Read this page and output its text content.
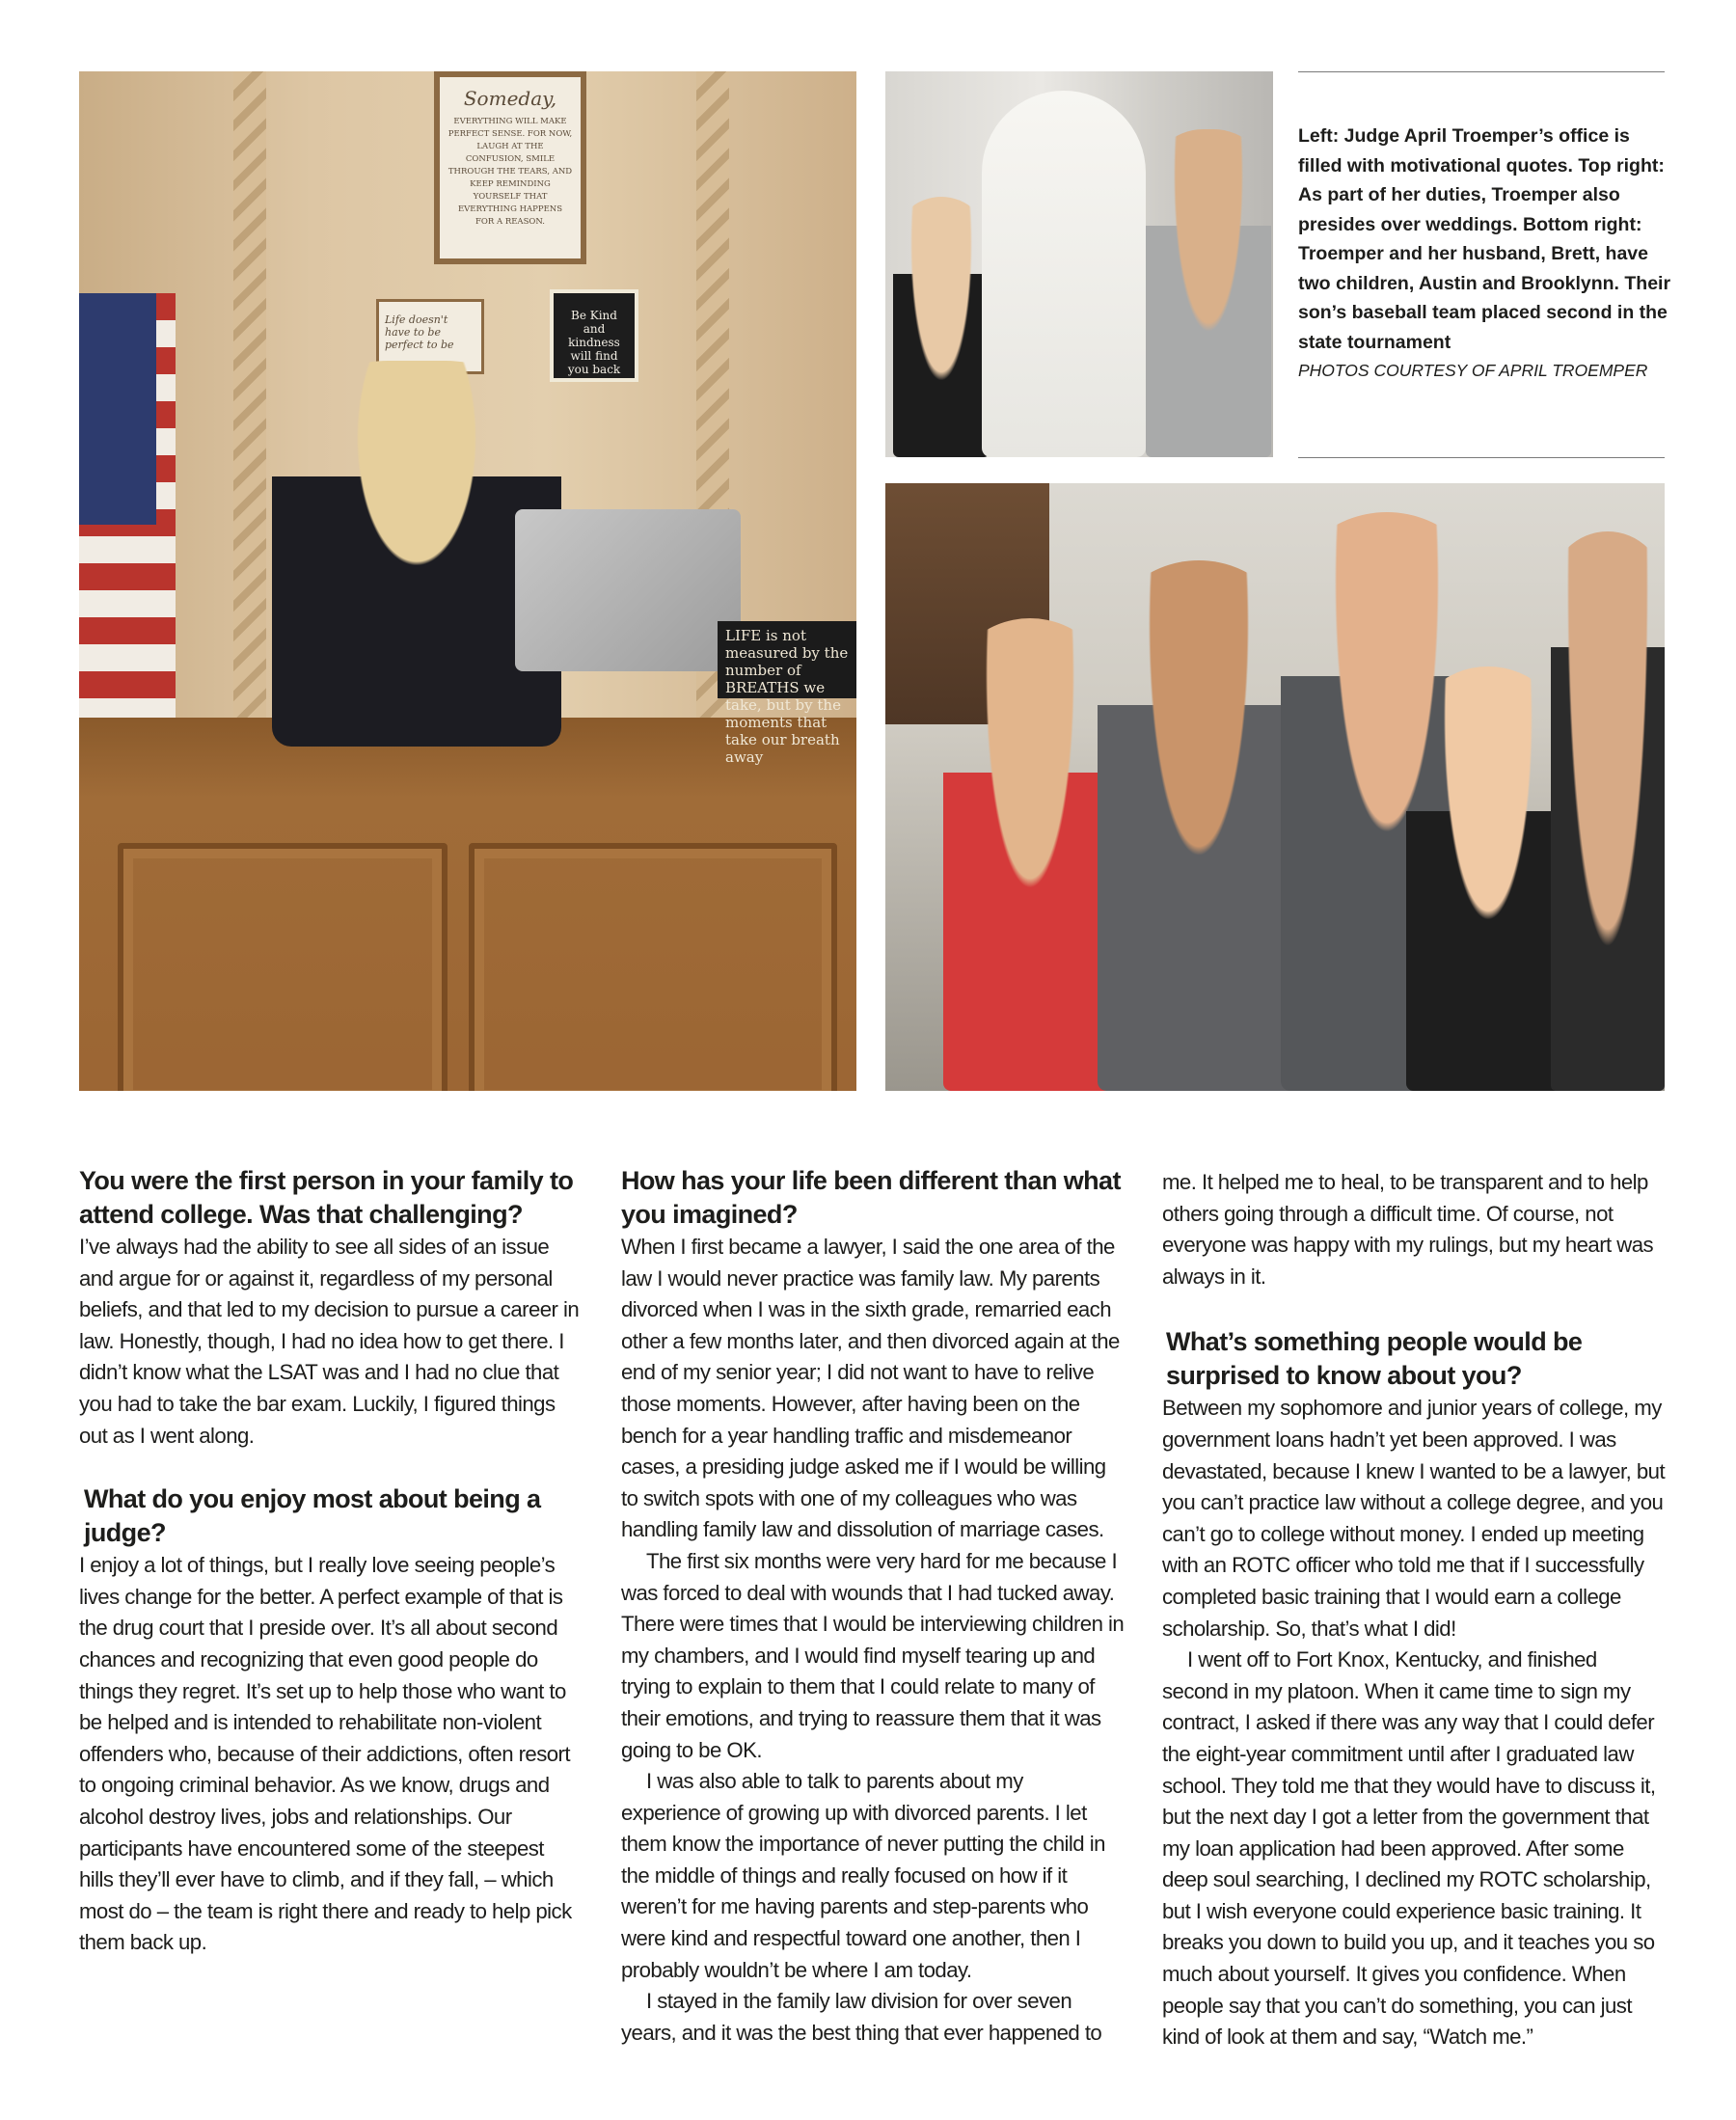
Someday,
EVERYTHING WILL MAKE PERFECT SENSE. FOR NOW, LAUGH AT THE CONFUSION, SMILE THROUGH THE TEARS, AND KEEP REMINDING YOURSELF THAT EVERYTHING HAPPENS FOR A REASON.
Life doesn't have to be perfect to be
Be Kind and kindness will find you back
LIFE is not measured by the number of BREATHS we take, but by the moments that take our breath away
Left: Judge April Troemper’s office is filled with motivational quotes. Top right: As part of her duties, Troemper also presides over weddings. Bottom right: Troemper and her husband, Brett, have two children, Austin and Brooklynn. Their son’s baseball team placed second in the state tournament
PHOTOS COURTESY OF APRIL TROEMPER
You were the first person in your family to attend college. Was that challenging?

I’ve always had the ability to see all sides of an issue and argue for or against it, regardless of my personal beliefs, and that led to my decision to pursue a career in law. Honestly, though, I had no idea how to get there. I didn’t know what the LSAT was and I had no clue that you had to take the bar exam. Luckily, I figured things out as I went along.

What do you enjoy most about being a judge?

I enjoy a lot of things, but I really love seeing people’s lives change for the better. A perfect example of that is the drug court that I preside over. It’s all about second chances and recognizing that even good people do things they regret. It’s set up to help those who want to be helped and is intended to rehabilitate non-violent offenders who, because of their addictions, often resort to ongoing criminal behavior. As we know, drugs and alcohol destroy lives, jobs and relationships. Our participants have encountered some of the steepest hills they’ll ever have to climb, and if they fall, – which most do – the team is right there and ready to help pick them back up.

How has your life been different than what you imagined?

When I first became a lawyer, I said the one area of the law I would never practice was family law. My parents divorced when I was in the sixth grade, remarried each other a few months later, and then divorced again at the end of my senior year; I did not want to have to relive those moments. However, after having been on the bench for a year handling traffic and misdemeanor cases, a presiding judge asked me if I would be willing to switch spots with one of my colleagues who was handling family law and dissolution of marriage cases.

The first six months were very hard for me because I was forced to deal with wounds that I had tucked away. There were times that I would be interviewing children in my chambers, and I would find myself tearing up and trying to explain to them that I could relate to many of their emotions, and trying to reassure them that it was going to be OK.

I was also able to talk to parents about my experience of growing up with divorced parents. I let them know the importance of never putting the child in the middle of things and really focused on how if it weren’t for me having parents and step-parents who were kind and respectful toward one another, then I probably wouldn’t be where I am today.

I stayed in the family law division for over seven years, and it was the best thing that ever happened to

me. It helped me to heal, to be transparent and to help others going through a difficult time. Of course, not everyone was happy with my rulings, but my heart was always in it.

What’s something people would be surprised to know about you?

Between my sophomore and junior years of college, my government loans hadn’t yet been approved. I was devastated, because I knew I wanted to be a lawyer, but you can’t practice law without a college degree, and you can’t go to college without money. I ended up meeting with an ROTC officer who told me that if I successfully completed basic training that I would earn a college scholarship. So, that’s what I did!

I went off to Fort Knox, Kentucky, and finished second in my platoon. When it came time to sign my contract, I asked if there was any way that I could defer the eight-year commitment until after I graduated law school. They told me that they would have to discuss it, but the next day I got a letter from the government that my loan application had been approved. After some deep soul searching, I declined my ROTC scholarship, but I wish everyone could experience basic training. It breaks you down to build you up, and it teaches you so much about yourself. It gives you confidence. When people say that you can’t do something, you can just kind of look at them and say, “Watch me.”
